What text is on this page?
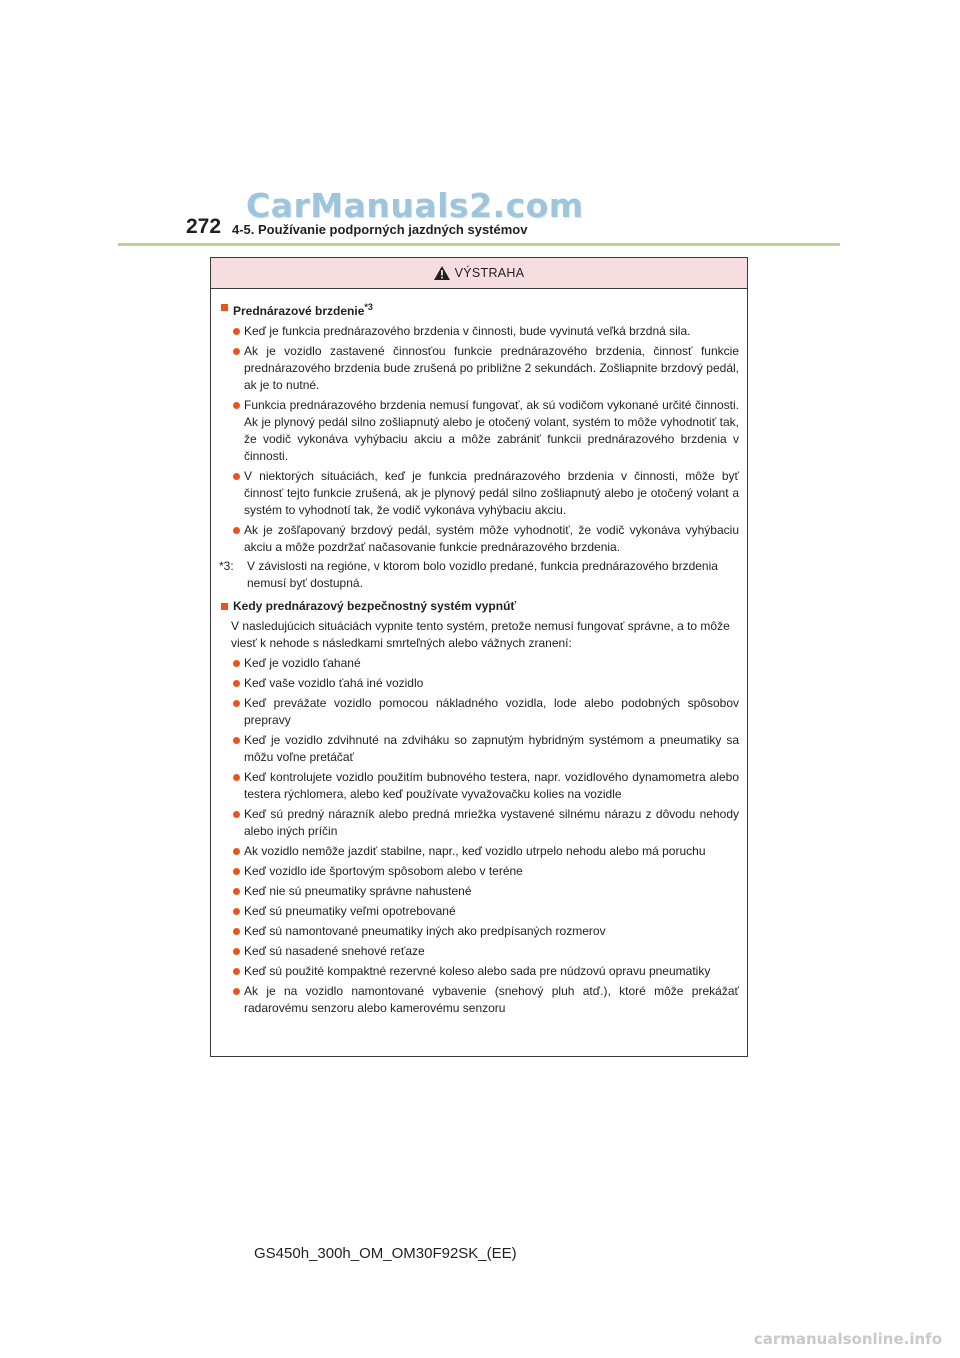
CarManuals2.com
272 4-5. Používanie podporných jazdných systémov
VÝSTRAHA
Prednárazové brzdenie$^{*3}$
Keď je funkcia prednárazového brzdenia v činnosti, bude vyvinutá veľká brzdná sila.
Ak je vozidlo zastavené činnosťou funkcie prednárazového brzdenia, činnosť funkcie prednárazového brzdenia bude zrušená po približne 2 sekundách. Zošliapnite brzdový pedál, ak je to nutné.
Funkcia prednárazového brzdenia nemusí fungovať, ak sú vodičom vykonané určité činnosti. Ak je plynový pedál silno zošliapnutý alebo je otočený volant, systém to môže vyhodnotiť tak, že vodič vykonáva vyhýbaciu akciu a môže zabrániť funkcii prednárazového brzdenia v činnosti.
V niektorých situáciách, keď je funkcia prednárazového brzdenia v činnosti, môže byť činnosť tejto funkcie zrušená, ak je plynový pedál silno zošliapnutý alebo je otočený volant a systém to vyhodnotí tak, že vodič vykonáva vyhýbaciu akciu.
Ak je zošľapovaný brzdový pedál, systém môže vyhodnotiť, že vodič vykonáva vyhýbaciu akciu a môže pozdržať načasovanie funkcie prednárazového brzdenia.
*3:	V závislosti na regióne, v ktorom bolo vozidlo predané, funkcia prednárazového brzdenia nemusí byť dostupná.
Kedy prednárazový bezpečnostný systém vypnúť
V nasledujúcich situáciách vypnite tento systém, pretože nemusí fungovať správne, a to môže viesť k nehode s následkami smrteľných alebo vážnych zranení:
Keď je vozidlo ťahané
Keď vaše vozidlo ťahá iné vozidlo
Keď prevážate vozidlo pomocou nákladného vozidla, lode alebo podobných spôsobov prepravy
Keď je vozidlo zdvihnuté na zdviháku so zapnutým hybridným systémom a pneumatiky sa môžu voľne pretáčať
Keď kontrolujete vozidlo použitím bubnového testera, napr. vozidlového dynamometra alebo testera rýchlomera, alebo keď používate vyvažovačku kolies na vozidle
Keď sú predný nárazník alebo predná mriežka vystavené silnému nárazu z dôvodu nehody alebo iných príčin
Ak vozidlo nemôže jazdiť stabilne, napr., keď vozidlo utrpelo nehodu alebo má poruchu
Keď vozidlo ide športovým spôsobom alebo v teréne
Keď nie sú pneumatiky správne nahustené
Keď sú pneumatiky veľmi opotrebované
Keď sú namontované pneumatiky iných ako predpísaných rozmerov
Keď sú nasadené snehové reťaze
Keď sú použité kompaktné rezervné koleso alebo sada pre núdzovú opravu pneumatiky
Ak je na vozidlo namontované vybavenie (snehový pluh atď.), ktoré môže prekážať radarovému senzoru alebo kamerovému senzoru
GS450h_300h_OM_OM30F92SK_(EE)
carmanualsonline.info
